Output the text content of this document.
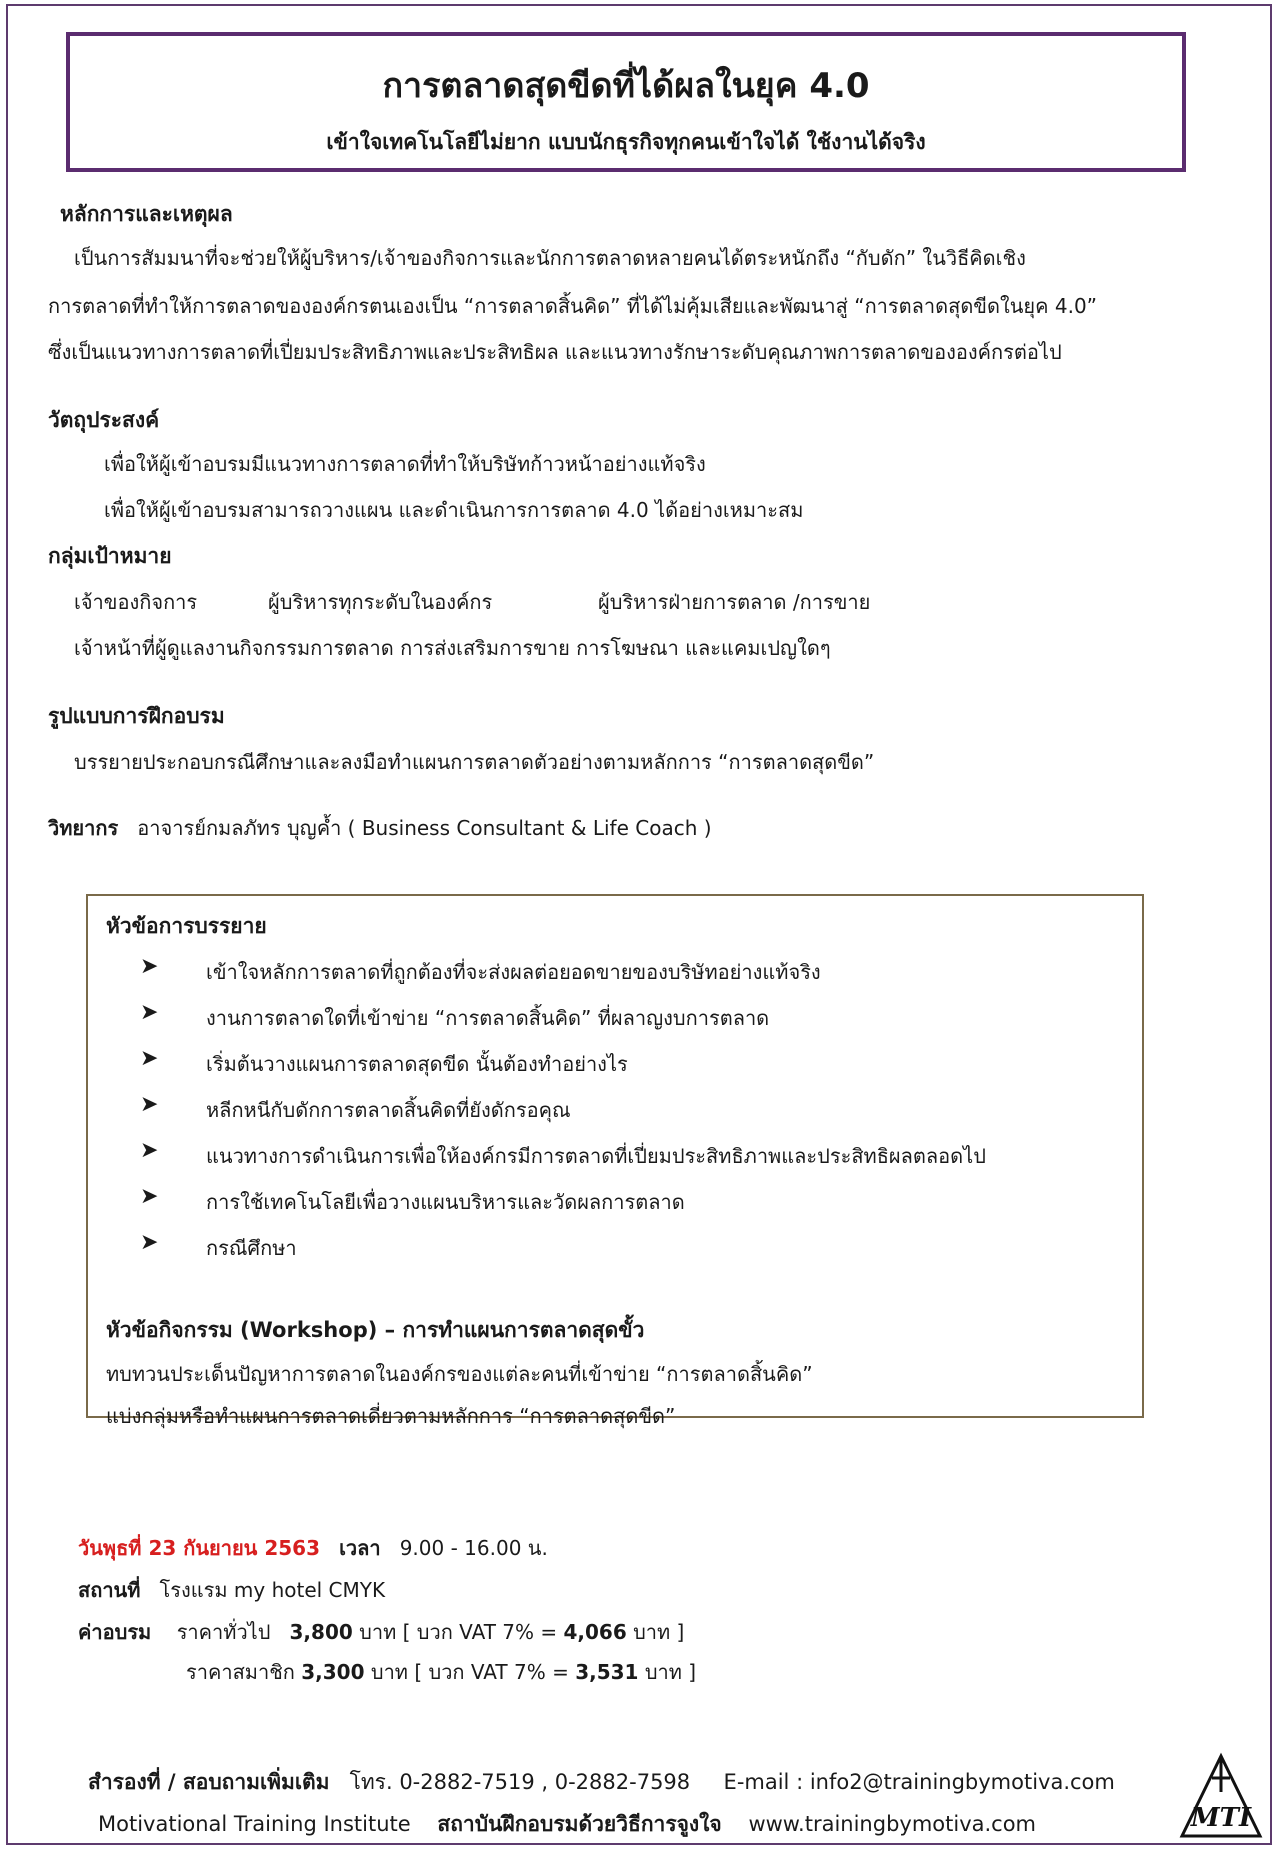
การตลาดสุดขีดที่ได้ผลในยุค 4.0
เข้าใจเทคโนโลยีไม่ยาก แบบนักธุรกิจทุกคนเข้าใจได้ ใช้งานได้จริง
หลักการและเหตุผล
เป็นการสัมมนาที่จะช่วยให้ผู้บริหาร/เจ้าของกิจการและนักการตลาดหลายคนได้ตระหนักถึง “กับดัก” ในวิธีคิดเชิง
การตลาดที่ทำให้การตลาดขององค์กรตนเองเป็น “การตลาดสิ้นคิด” ที่ได้ไม่คุ้มเสียและพัฒนาสู่ “การตลาดสุดขีดในยุค 4.0”
ซึ่งเป็นแนวทางการตลาดที่เปี่ยมประสิทธิภาพและประสิทธิผล และแนวทางรักษาระดับคุณภาพการตลาดขององค์กรต่อไป
วัตถุประสงค์
เพื่อให้ผู้เข้าอบรมมีแนวทางการตลาดที่ทำให้บริษัทก้าวหน้าอย่างแท้จริง
เพื่อให้ผู้เข้าอบรมสามารถวางแผน และดำเนินการการตลาด 4.0 ได้อย่างเหมาะสม
กลุ่มเป้าหมาย
เจ้าของกิจการ	ผู้บริหารทุกระดับในองค์กร	ผู้บริหารฝ่ายการตลาด /การขาย
เจ้าหน้าที่ผู้ดูแลงานกิจกรรมการตลาด การส่งเสริมการขาย การโฆษณา และแคมเปญใดๆ
รูปแบบการฝึกอบรม
บรรยายประกอบกรณีศึกษาและลงมือทำแผนการตลาดตัวอย่างตามหลักการ “การตลาดสุดขีด”
วิทยากร อาจารย์กมลภัทร บุญค้ำ ( Business Consultant & Life Coach )
หัวข้อการบรรยาย
➤ เข้าใจหลักการตลาดที่ถูกต้องที่จะส่งผลต่อยอดขายของบริษัทอย่างแท้จริง
➤ งานการตลาดใดที่เข้าข่าย “การตลาดสิ้นคิด” ที่ผลาญงบการตลาด
➤ เริ่มต้นวางแผนการตลาดสุดขีด นั้นต้องทำอย่างไร
➤ หลีกหนีกับดักการตลาดสิ้นคิดที่ยังดักรอคุณ
➤ แนวทางการดำเนินการเพื่อให้องค์กรมีการตลาดที่เปี่ยมประสิทธิภาพและประสิทธิผลตลอดไป
➤ การใช้เทคโนโลยีเพื่อวางแผนบริหารและวัดผลการตลาด
➤ กรณีศึกษา
หัวข้อกิจกรรม (Workshop) – การทำแผนการตลาดสุดขั้ว
ทบทวนประเด็นปัญหาการตลาดในองค์กรของแต่ละคนที่เข้าข่าย “การตลาดสิ้นคิด”
แบ่งกลุ่มหรือทำแผนการตลาดเดี่ยวตามหลักการ “การตลาดสุดขีด”
วันพุธที่ 23 กันยายน 2563 เวลา 9.00 - 16.00 น.
สถานที่ โรงแรม my hotel CMYK
ค่าอบรม ราคาทั่วไป 3,800 บาท [ บวก VAT 7% = 4,066 บาท ]
ราคาสมาชิก 3,300 บาท [ บวก VAT 7% = 3,531 บาท ]
สำรองที่ / สอบถามเพิ่มเติม โทร. 0-2882-7519 , 0-2882-7598 E-mail : info2@trainingbymotiva.com
Motivational Training Institute สถาบันฝึกอบรมด้วยวิธีการจูงใจ www.trainingbymotiva.com	MTI
